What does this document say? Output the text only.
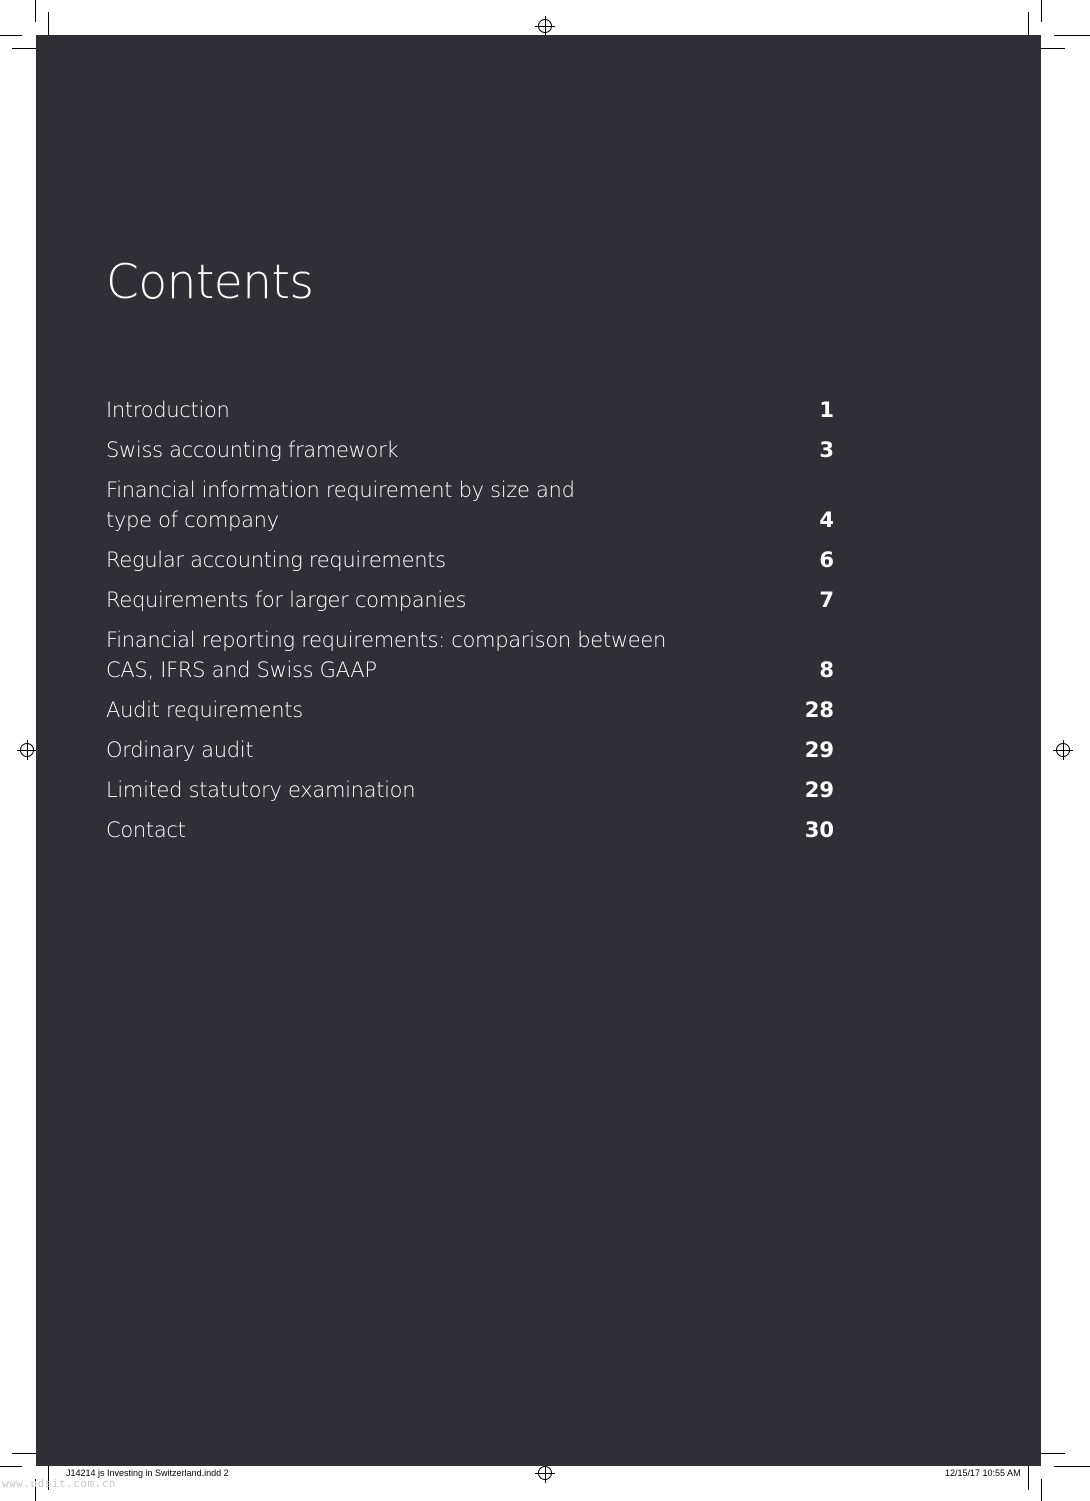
Contents
Introduction	1
Swiss accounting framework	3
Financial information requirement by size and type of company	4
Regular accounting requirements	6
Requirements for larger companies	7
Financial reporting requirements: comparison between CAS, IFRS and Swiss GAAP	8
Audit requirements	28
Ordinary audit	29
Limited statutory examination	29
Contact	30
J14214 js Investing in Switzerland.indd 2	12/15/17 10:55 AM
www.udsit.com.cn
